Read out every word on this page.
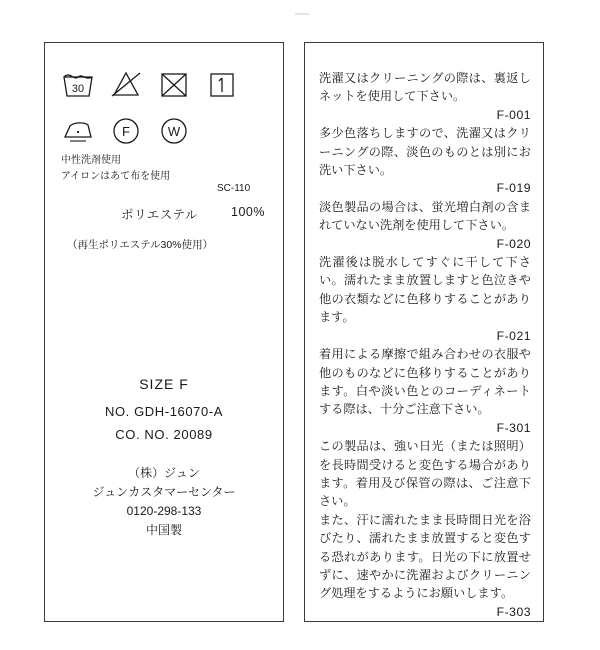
30
F	W
中性洗剤使用
アイロンはあて布を使用
SC-110
ポリエステル	100%
（再生ポリエステル30%使用）
SIZE F
NO. GDH-16070-A
CO. NO. 20089
（株）ジュン
ジュンカスタマーセンター
0120-298-133
中国製

洗濯又はクリーニングの際は、裏返しネットを使用して下さい。
F-001

多少色落ちしますので、洗濯又はクリーニングの際、淡色のものとは別にお洗い下さい。
F-019

淡色製品の場合は、蛍光増白剤の含まれていない洗剤を使用して下さい。
F-020

洗濯後は脱水してすぐに干して下さい。濡れたまま放置しますと色泣きや他の衣類などに色移りすることがあります。
F-021

着用による摩擦で組み合わせの衣服や他のものなどに色移りすることがあります。白や淡い色とのコーディネートする際は、十分ご注意下さい。
F-301

この製品は、強い日光（または照明）を長時間受けると変色する場合があります。着用及び保管の際は、ご注意下さい。

また、汗に濡れたまま長時間日光を浴びたり、濡れたまま放置すると変色する恐れがあります。日光の下に放置せずに、速やかに洗濯およびクリーニング処理をするようにお願いします。
F-303
